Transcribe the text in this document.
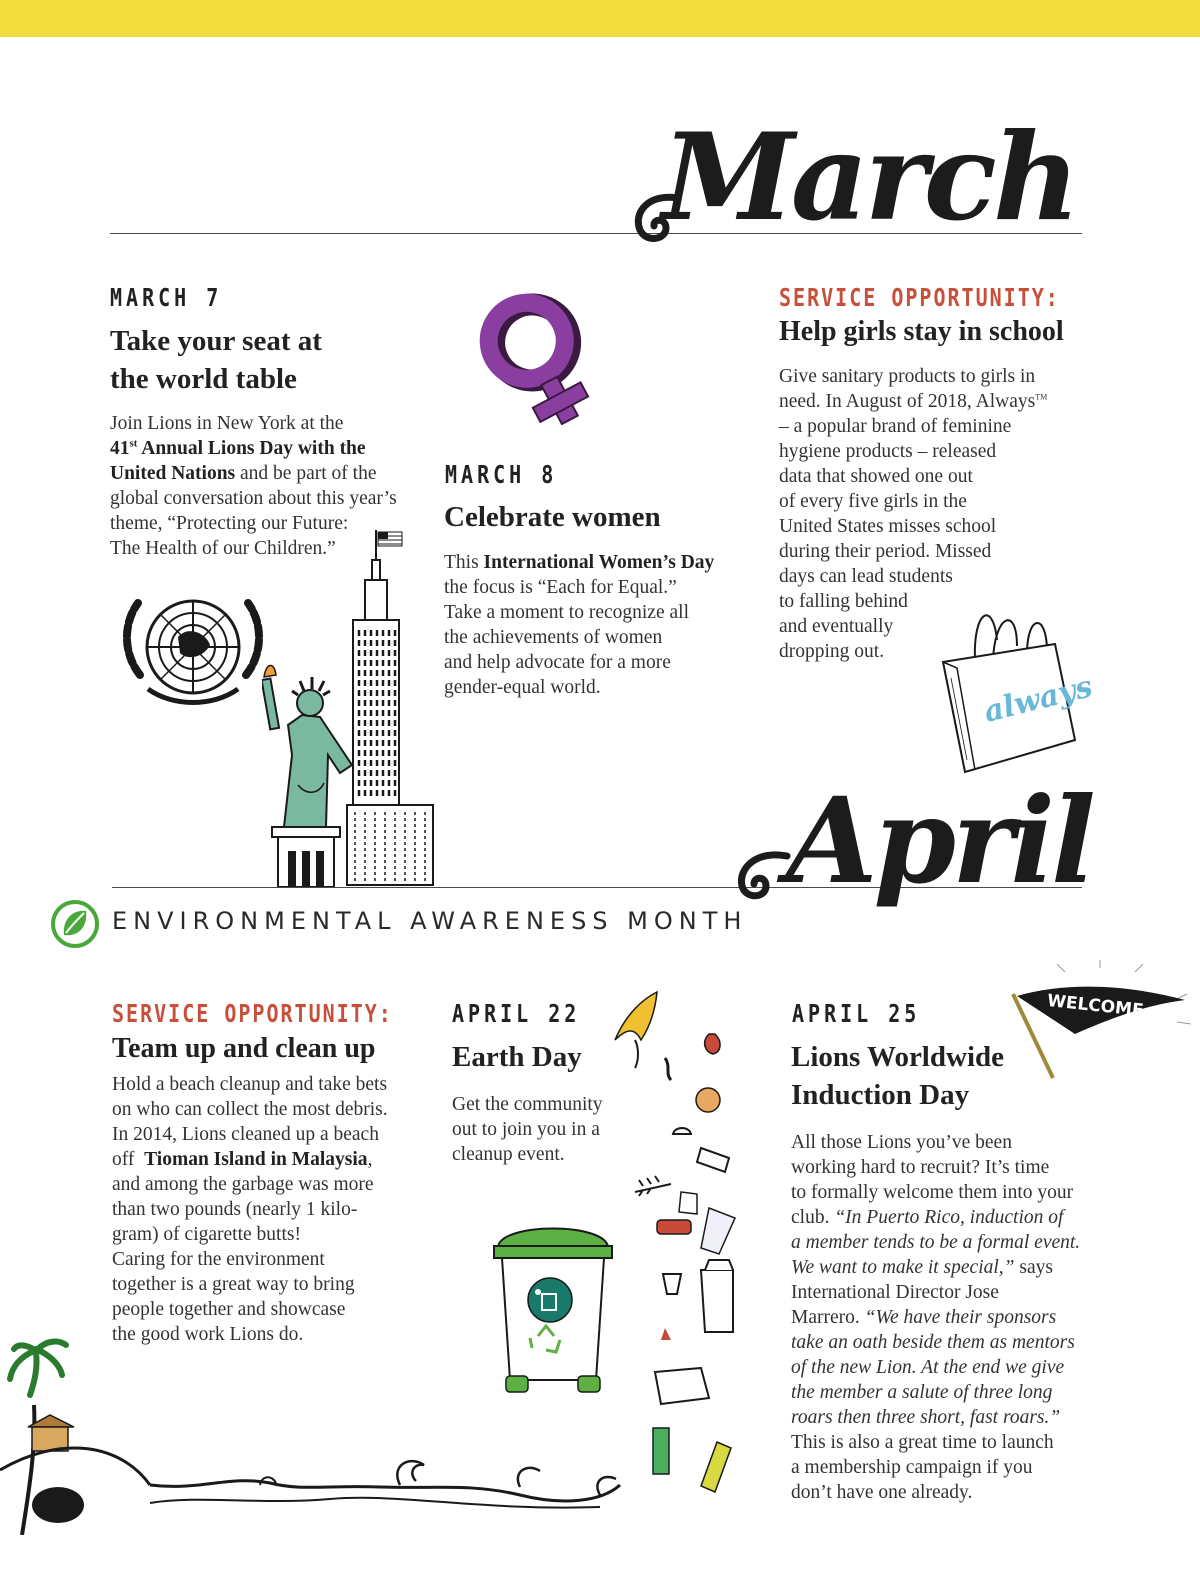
March
MARCH 7
Take your seat at
the world table
Join Lions in New York at the
41st Annual Lions Day with the
United Nations and be part of the
global conversation about this year’s
theme, “Protecting our Future:
The Health of our Children.”
MARCH 8
Celebrate women
This International Women’s Day
the focus is “Each for Equal.”
Take a moment to recognize all
the achievements of women
and help advocate for a more
gender-equal world.
SERVICE OPPORTUNITY:
Help girls stay in school
Give sanitary products to girls in
need. In August of 2018, Always™
– a popular brand of feminine
hygiene products – released
data that showed one out
of every five girls in the
United States misses school
during their period. Missed
days can lead students
to falling behind
and eventually
dropping out.
always
April
ENVIRONMENTAL AWARENESS MONTH
SERVICE OPPORTUNITY:
Team up and clean up
Hold a beach cleanup and take bets
on who can collect the most debris.
In 2014, Lions cleaned up a beach
off  Tioman Island in Malaysia,
and among the garbage was more
than two pounds (nearly 1 kilo-
gram) of cigarette butts!
Caring for the environment
together is a great way to bring
people together and showcase
the good work Lions do.
APRIL 22
Earth Day
Get the community
out to join you in a
cleanup event.
APRIL 25
Lions Worldwide
Induction Day
All those Lions you’ve been
working hard to recruit? It’s time
to formally welcome them into your
club. “In Puerto Rico, induction of
a member tends to be a formal event.
We want to make it special,” says
International Director Jose
Marrero. “We have their sponsors
take an oath beside them as mentors
of the new Lion. At the end we give
the member a salute of three long
roars then three short, fast roars.”
This is also a great time to launch
a membership campaign if you
don’t have one already.
WELCOME
